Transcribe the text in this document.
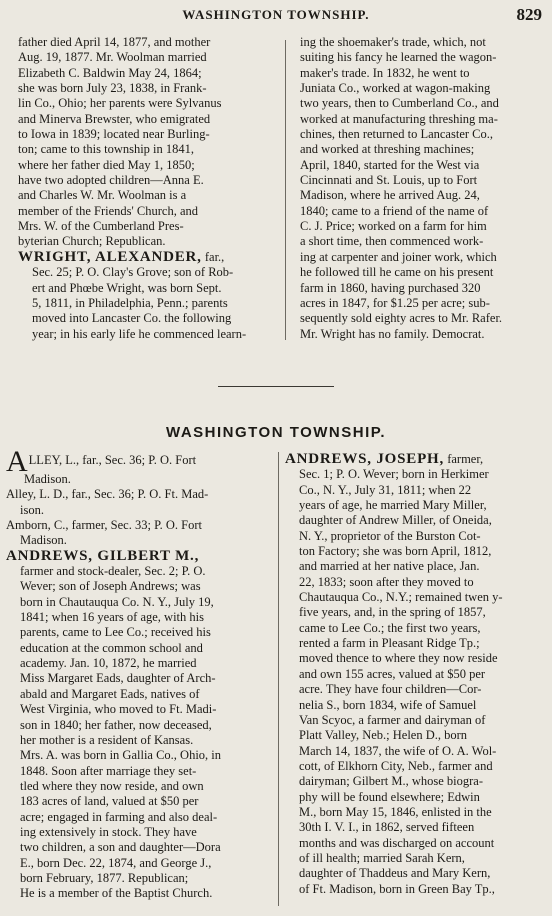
WASHINGTON TOWNSHIP.	829

father died April 14, 1877, and mother

Aug. 19, 1877. Mr. Woolman married

Elizabeth C. Baldwin May 24, 1864;

she was born July 23, 1838, in Frank-

lin Co., Ohio; her parents were Sylvanus

and Minerva Brewster, who emigrated

to Iowa in 1839; located near Burling-

ton; came to this township in 1841,

where her father died May 1, 1850;

have two adopted children—Anna E.

and Charles W. Mr. Woolman is a

member of the Friends' Church, and

Mrs. W. of the Cumberland Pres-

byterian Church; Republican.

WRIGHT, ALEXANDER, far.,

Sec. 25; P. O. Clay's Grove; son of Rob-

ert and Phœbe Wright, was born Sept.

5, 1811, in Philadelphia, Penn.; parents

moved into Lancaster Co. the following

year; in his early life he commenced learn-

ing the shoemaker's trade, which, not

suiting his fancy he learned the wagon-

maker's trade. In 1832, he went to

Juniata Co., worked at wagon-making

two years, then to Cumberland Co., and

worked at manufacturing threshing ma-

chines, then returned to Lancaster Co.,

and worked at threshing machines;

April, 1840, started for the West via

Cincinnati and St. Louis, up to Fort

Madison, where he arrived Aug. 24,

1840; came to a friend of the name of

C. J. Price; worked on a farm for him

a short time, then commenced work-

ing at carpenter and joiner work, which

he followed till he came on his present

farm in 1860, having purchased 320

acres in 1847, for $1.25 per acre; sub-

sequently sold eighty acres to Mr. Rafer.

Mr. Wright has no family. Democrat.

WASHINGTON TOWNSHIP.

ALLEY, L., far., Sec. 36; P. O. Fort

Madison.

Alley, L. D., far., Sec. 36; P. O. Ft. Mad-

ison.

Amborn, C., farmer, Sec. 33; P. O. Fort

Madison.

ANDREWS, GILBERT M.,

farmer and stock-dealer, Sec. 2; P. O.

Wever; son of Joseph Andrews; was

born in Chautauqua Co. N. Y., July 19,

1841; when 16 years of age, with his

parents, came to Lee Co.; received his

education at the common school and

academy. Jan. 10, 1872, he married

Miss Margaret Eads, daughter of Arch-

abald and Margaret Eads, natives of

West Virginia, who moved to Ft. Madi-

son in 1840; her father, now deceased,

her mother is a resident of Kansas.

Mrs. A. was born in Gallia Co., Ohio, in

1848. Soon after marriage they set-

tled where they now reside, and own

183 acres of land, valued at $50 per

acre; engaged in farming and also deal-

ing extensively in stock. They have

two children, a son and daughter—Dora

E., born Dec. 22, 1874, and George J.,

born February, 1877. Republican;

He is a member of the Baptist Church.

ANDREWS, JOSEPH, farmer,

Sec. 1; P. O. Wever; born in Herkimer

Co., N. Y., July 31, 1811; when 22

years of age, he married Mary Miller,

daughter of Andrew Miller, of Oneida,

N. Y., proprietor of the Burston Cot-

ton Factory; she was born April, 1812,

and married at her native place, Jan.

22, 1833; soon after they moved to

Chautauqua Co., N.Y.; remained twen y-

five years, and, in the spring of 1857,

came to Lee Co.; the first two years,

rented a farm in Pleasant Ridge Tp.;

moved thence to where they now reside

and own 155 acres, valued at $50 per

acre. They have four children—Cor-

nelia S., born 1834, wife of Samuel

Van Scyoc, a farmer and dairyman of

Platt Valley, Neb.; Helen D., born

March 14, 1837, the wife of O. A. Wol-

cott, of Elkhorn City, Neb., farmer and

dairyman; Gilbert M., whose biogra-

phy will be found elsewhere; Edwin

M., born May 15, 1846, enlisted in the

30th I. V. I., in 1862, served fifteen

months and was discharged on account

of ill health; married Sarah Kern,

daughter of Thaddeus and Mary Kern,

of Ft. Madison, born in Green Bay Tp.,
